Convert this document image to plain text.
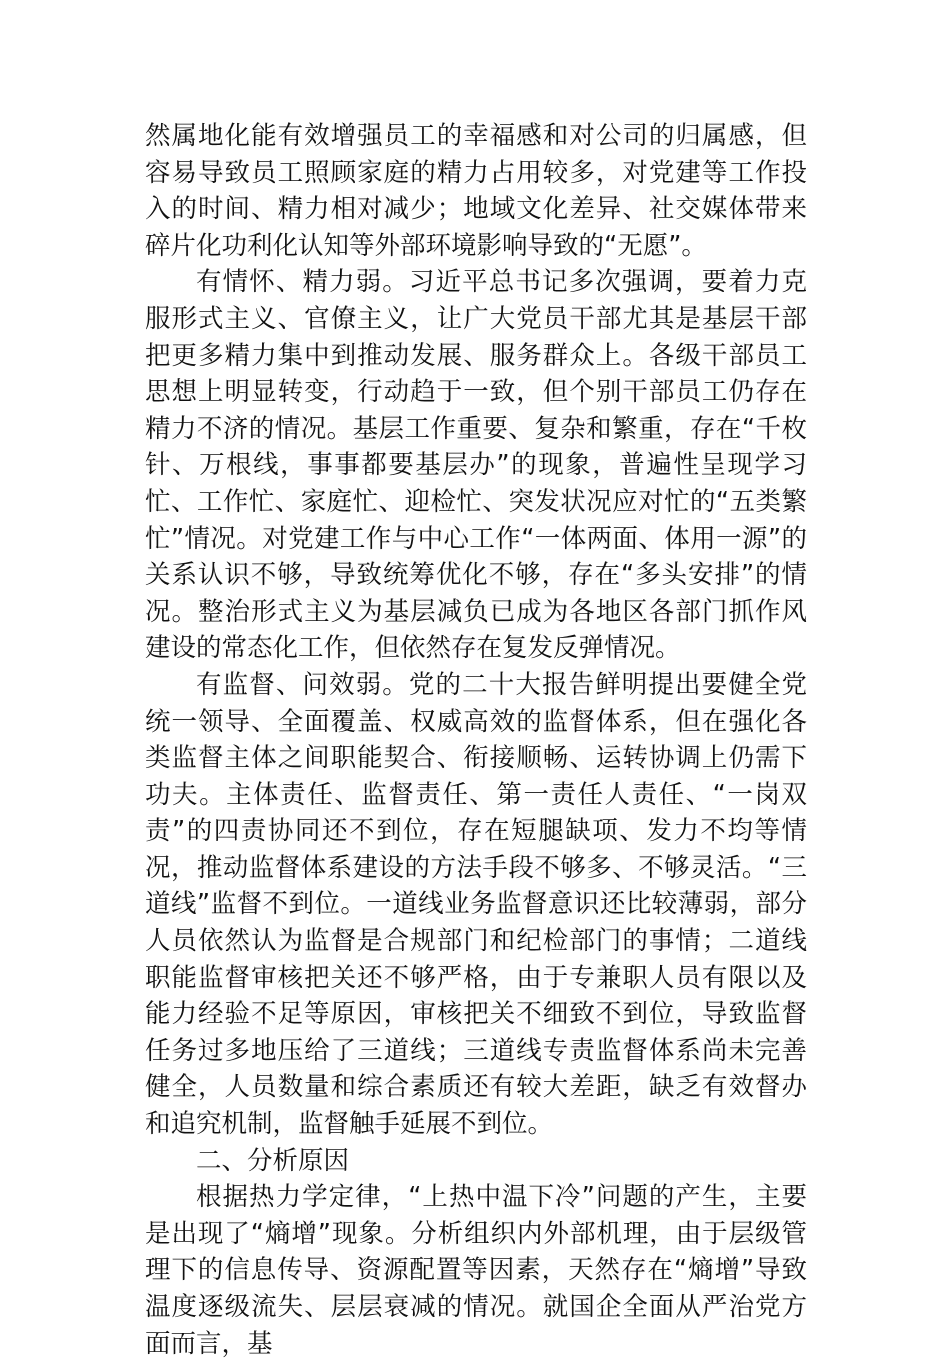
然属地化能有效增强员工的幸福感和对公司的归属感，但容易导致员工照顾家庭的精力占用较多，对党建等工作投入的时间、精力相对减少；地域文化差异、社交媒体带来碎片化功利化认知等外部环境影响导致的“无愿”。

有情怀、精力弱。习近平总书记多次强调，要着力克服形式主义、官僚主义，让广大党员干部尤其是基层干部把更多精力集中到推动发展、服务群众上。各级干部员工思想上明显转变，行动趋于一致，但个别干部员工仍存在精力不济的情况。基层工作重要、复杂和繁重，存在“千枚针、万根线，事事都要基层办”的现象，普遍性呈现学习忙、工作忙、家庭忙、迎检忙、突发状况应对忙的“五类繁忙”情况。对党建工作与中心工作“一体两面、体用一源”的关系认识不够，导致统筹优化不够，存在“多头安排”的情况。整治形式主义为基层减负已成为各地区各部门抓作风建设的常态化工作，但依然存在复发反弹情况。

有监督、问效弱。党的二十大报告鲜明提出要健全党统一领导、全面覆盖、权威高效的监督体系，但在强化各类监督主体之间职能契合、衔接顺畅、运转协调上仍需下功夫。主体责任、监督责任、第一责任人责任、“一岗双责”的四责协同还不到位，存在短腿缺项、发力不均等情况，推动监督体系建设的方法手段不够多、不够灵活。“三道线”监督不到位。一道线业务监督意识还比较薄弱，部分人员依然认为监督是合规部门和纪检部门的事情；二道线职能监督审核把关还不够严格，由于专兼职人员有限以及能力经验不足等原因，审核把关不细致不到位，导致监督任务过多地压给了三道线；三道线专责监督体系尚未完善健全，人员数量和综合素质还有较大差距，缺乏有效督办和追究机制，监督触手延展不到位。

二、分析原因

根据热力学定律，“上热中温下冷”问题的产生，主要是出现了“熵增”现象。分析组织内外部机理，由于层级管理下的信息传导、资源配置等因素，天然存在“熵增”导致温度逐级流失、层层衰减的情况。就国企全面从严治党方面而言，基
